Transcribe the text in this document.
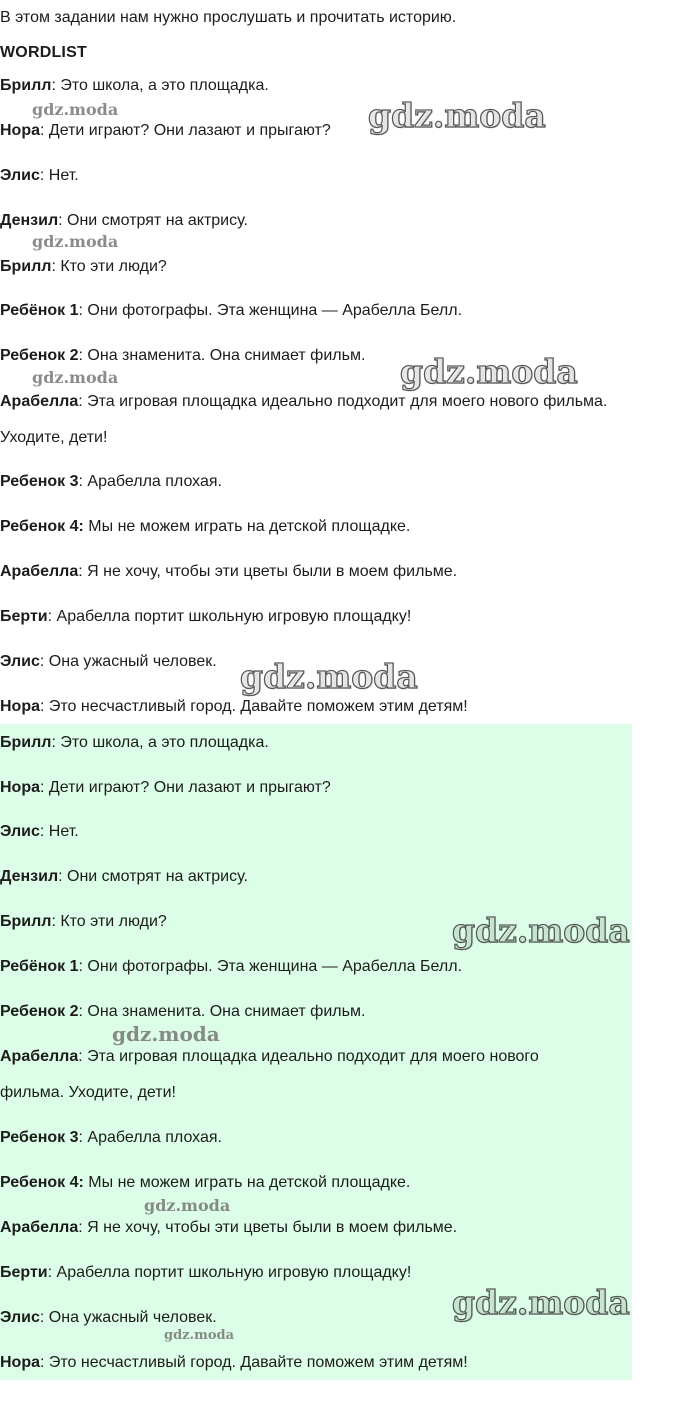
В этом задании нам нужно прослушать и прочитать историю.
WORDLIST
Брилл: Это школа, а это площадка.
Нора: Дети играют? Они лазают и прыгают?
Элис: Нет.
Дензил: Они смотрят на актрису.
Брилл: Кто эти люди?
Ребёнок 1: Они фотографы. Эта женщина — Арабелла Белл.
Ребенок 2: Она знаменита. Она снимает фильм.
Арабелла: Эта игровая площадка идеально подходит для моего нового фильма.
Уходите, дети!
Ребенок 3: Арабелла плохая.
Ребенок 4: Мы не можем играть на детской площадке.
Арабелла: Я не хочу, чтобы эти цветы были в моем фильме.
Берти: Арабелла портит школьную игровую площадку!
Элис: Она ужасный человек.
Нора: Это несчастливый город. Давайте поможем этим детям!
Брилл: Это школа, а это площадка.
Нора: Дети играют? Они лазают и прыгают?
Элис: Нет.
Дензил: Они смотрят на актрису.
Брилл: Кто эти люди?
Ребёнок 1: Они фотографы. Эта женщина — Арабелла Белл.
Ребенок 2: Она знаменита. Она снимает фильм.
Арабелла: Эта игровая площадка идеально подходит для моего нового
фильма. Уходите, дети!
Ребенок 3: Арабелла плохая.
Ребенок 4: Мы не можем играть на детской площадке.
Арабелла: Я не хочу, чтобы эти цветы были в моем фильме.
Берти: Арабелла портит школьную игровую площадку!
Элис: Она ужасный человек.
Нора: Это несчастливый город. Давайте поможем этим детям!
gdz.moda	gdz.moda
gdz.moda
gdz.moda	gdz.moda
gdz.moda
gdz.moda
gdz.moda
gdz.moda
